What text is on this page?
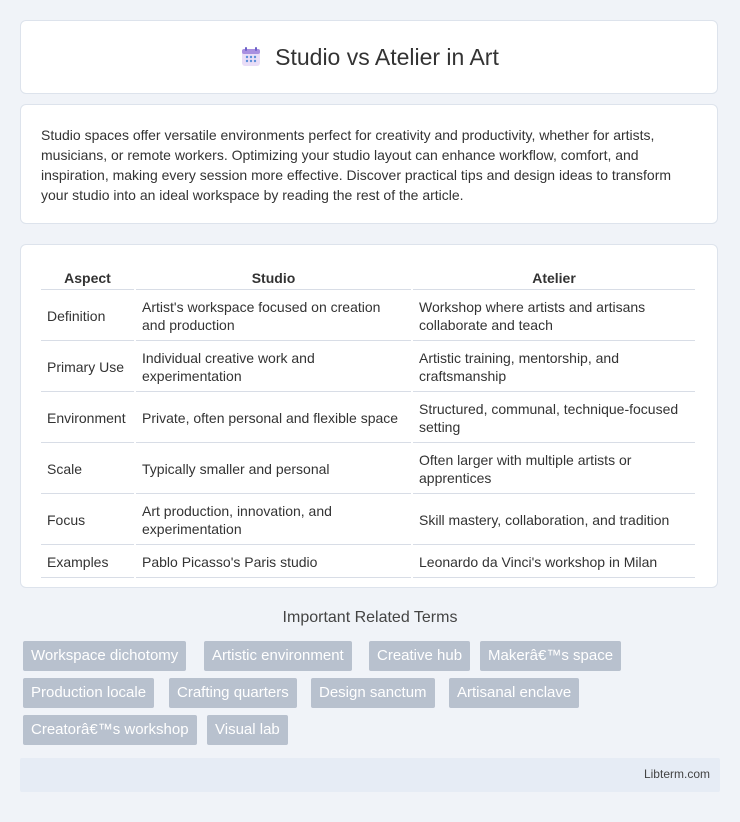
Studio vs Atelier in Art

Studio spaces offer versatile environments perfect for creativity and productivity, whether for artists, musicians, or remote workers. Optimizing your studio layout can enhance workflow, comfort, and inspiration, making every session more effective. Discover practical tips and design ideas to transform your studio into an ideal workspace by reading the rest of the article.

Aspect	Studio	Atelier
Definition	Artist's workspace focused on creation and production	Workshop where artists and artisans collaborate and teach
Primary Use	Individual creative work and experimentation	Artistic training, mentorship, and craftsmanship
Environment	Private, often personal and flexible space	Structured, communal, technique-focused setting
Scale	Typically smaller and personal	Often larger with multiple artists or apprentices
Focus	Art production, innovation, and experimentation	Skill mastery, collaboration, and tradition
Examples	Pablo Picasso's Paris studio	Leonardo da Vinci's workshop in Milan
Important Related Terms
Workspace dichotomy	Artistic environment	Creative hub	Makerâ€™s space
Production locale	Crafting quarters	Design sanctum	Artisanal enclave
Creatorâ€™s workshop	Visual lab
Libterm.com
